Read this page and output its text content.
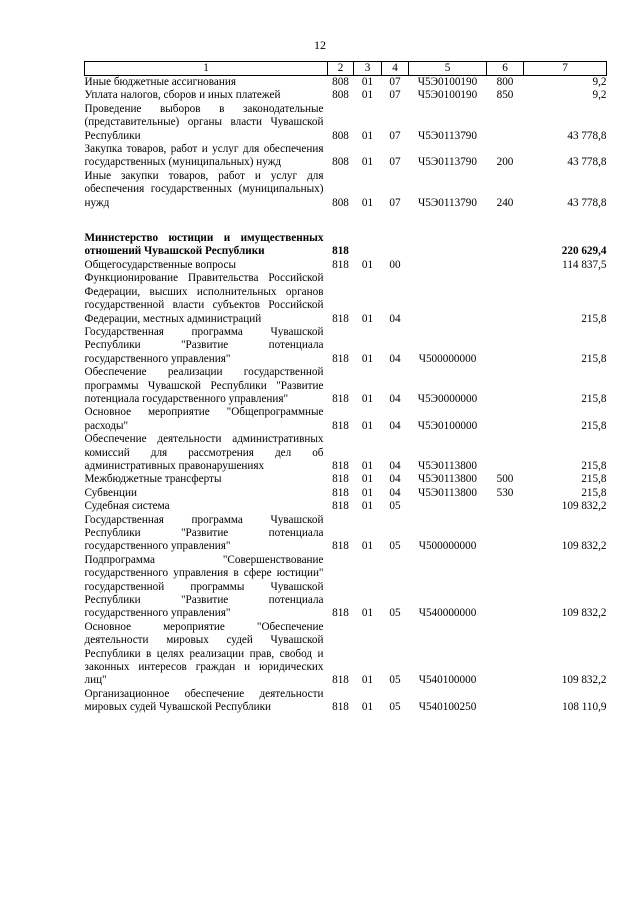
12
1	2	3	4	5	6	7
Иные бюджетные ассигнования	808	01	07	Ч5Э0100190	800	9,2
Уплата налогов, сборов и иных платежей	808	01	07	Ч5Э0100190	850	9,2
Проведение выборов в законодательные (представительные) органы власти Чувашской Республики	808	01	07	Ч5Э0113790		43 778,8
Закупка товаров, работ и услуг для обеспечения государственных (муниципальных) нужд	808	01	07	Ч5Э0113790	200	43 778,8
Иные закупки товаров, работ и услуг для обеспечения государственных (муниципальных) нужд	808	01	07	Ч5Э0113790	240	43 778,8

Министерство юстиции и имущественных отношений Чувашской Республики	818					220 629,4
Общегосударственные вопросы	818	01	00			114 837,5
Функционирование Правительства Российской Федерации, высших исполнительных органов государственной власти субъектов Российской Федерации, местных администраций	818	01	04			215,8
Государственная программа Чувашской Республики "Развитие потенциала государственного управления"	818	01	04	Ч500000000		215,8
Обеспечение реализации государственной программы Чувашской Республики "Развитие потенциала государственного управления"	818	01	04	Ч5Э0000000		215,8
Основное мероприятие "Общепрограммные расходы"	818	01	04	Ч5Э0100000		215,8
Обеспечение деятельности административных комиссий для рассмотрения дел об административных правонарушениях	818	01	04	Ч5Э0113800		215,8
Межбюджетные трансферты	818	01	04	Ч5Э0113800	500	215,8
Субвенции	818	01	04	Ч5Э0113800	530	215,8
Судебная система	818	01	05			109 832,2
Государственная программа Чувашской Республики "Развитие потенциала государственного управления"	818	01	05	Ч500000000		109 832,2
Подпрограмма "Совершенствование государственного управления в сфере юстиции" государственной программы Чувашской Республики "Развитие потенциала государственного управления"	818	01	05	Ч540000000		109 832,2
Основное мероприятие "Обеспечение деятельности мировых судей Чувашской Республики в целях реализации прав, свобод и законных интересов граждан и юридических лиц"	818	01	05	Ч540100000		109 832,2
Организационное обеспечение деятельности мировых судей Чувашской Республики	818	01	05	Ч540100250		108 110,9
